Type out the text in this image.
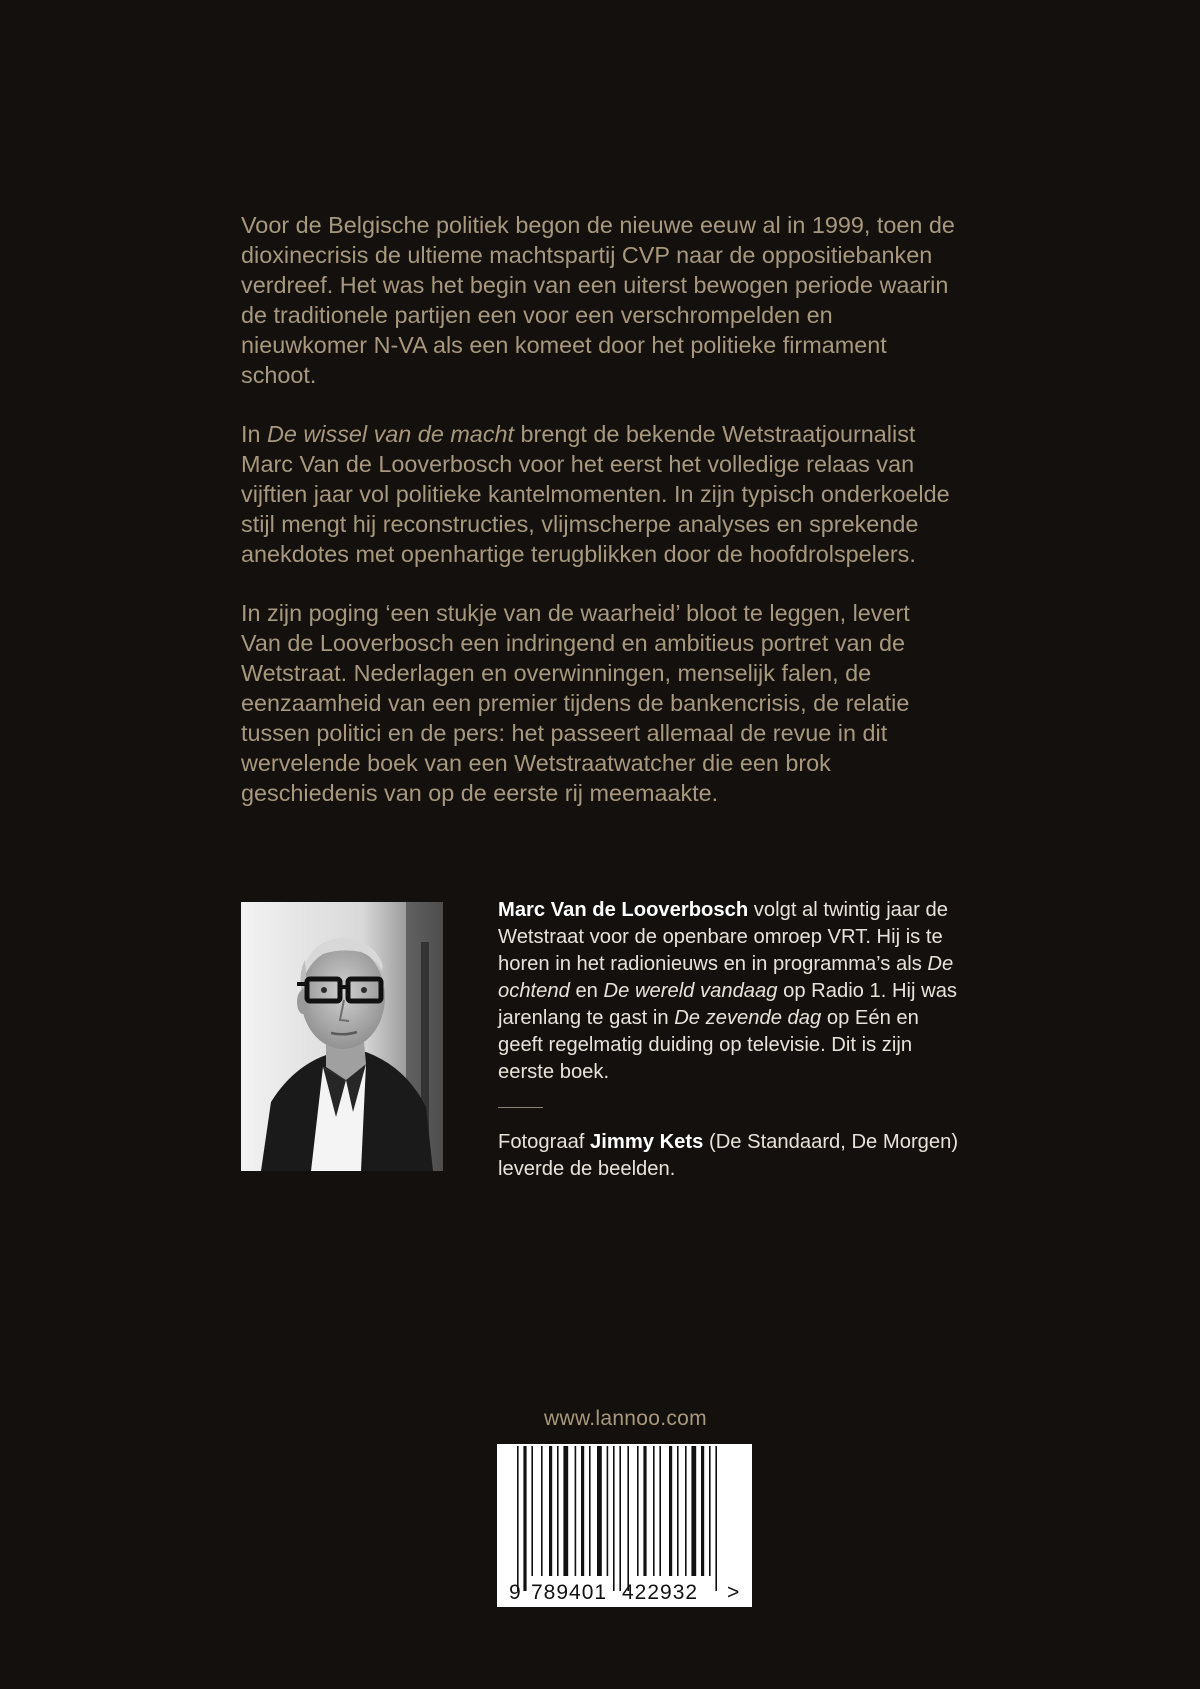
Voor de Belgische politiek begon de nieuwe eeuw al in 1999, toen de dioxinecrisis de ultieme machtspartij CVP naar de oppositiebanken verdreef. Het was het begin van een uiterst bewogen periode waarin de traditionele partijen een voor een verschrompelden en nieuwkomer N-VA als een komeet door het politieke firmament schoot.

In De wissel van de macht brengt de bekende Wetstraatjournalist Marc Van de Looverbosch voor het eerst het volledige relaas van vijftien jaar vol politieke kantelmomenten. In zijn typisch onderkoelde stijl mengt hij reconstructies, vlijmscherpe analyses en sprekende anekdotes met openhartige terugblikken door de hoofdrolspelers.

In zijn poging ‘een stukje van de waarheid’ bloot te leggen, levert Van de Looverbosch een indringend en ambitieus portret van de Wetstraat. Nederlagen en overwinningen, menselijk falen, de eenzaamheid van een premier tijdens de bankencrisis, de relatie tussen politici en de pers: het passeert allemaal de revue in dit wervelende boek van een Wetstraatwatcher die een brok geschiedenis van op de eerste rij meemaakte.

Marc Van de Looverbosch volgt al twintig jaar de Wetstraat voor de openbare omroep VRT. Hij is te horen in het radionieuws en in programma’s als De ochtend en De wereld vandaag op Radio 1. Hij was jarenlang te gast in De zevende dag op Eén en geeft regelmatig duiding op televisie. Dit is zijn eerste boek.

Fotograaf Jimmy Kets (De Standaard, De Morgen) leverde de beelden.

www.lannoo.com
9 789401 422932 >
